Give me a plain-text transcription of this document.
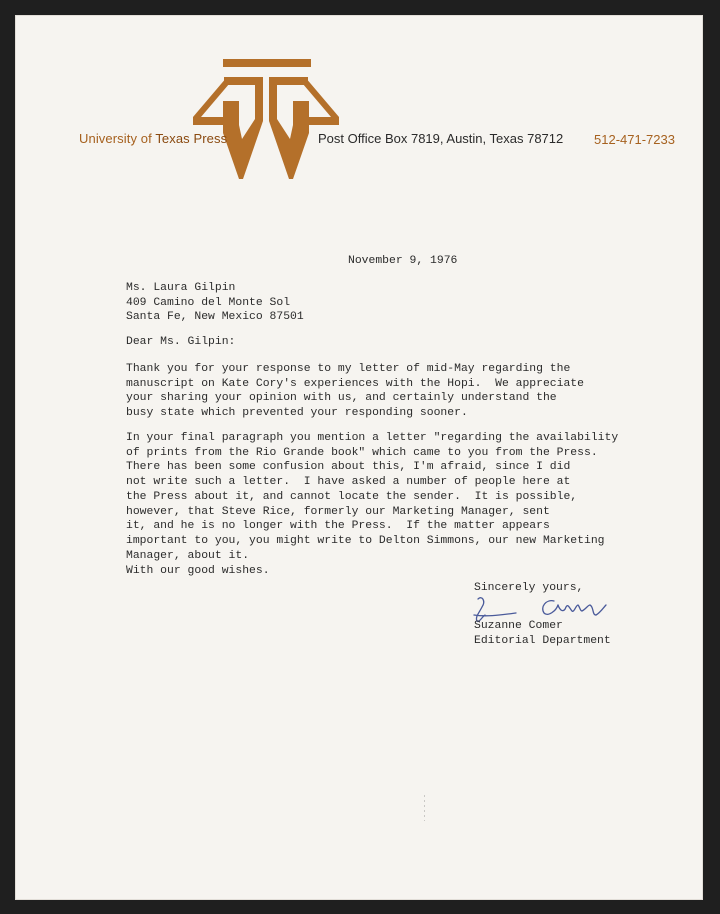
University of Texas Press	Post Office Box 7819, Austin, Texas 78712 512-471-7233
November 9, 1976
Ms. Laura Gilpin
409 Camino del Monte Sol
Santa Fe, New Mexico 87501
Dear Ms. Gilpin:
Thank you for your response to my letter of mid-May regarding the
manuscript on Kate Cory's experiences with the Hopi.  We appreciate
your sharing your opinion with us, and certainly understand the
busy state which prevented your responding sooner.
In your final paragraph you mention a letter "regarding the availability
of prints from the Rio Grande book" which came to you from the Press.
There has been some confusion about this, I'm afraid, since I did
not write such a letter.  I have asked a number of people here at
the Press about it, and cannot locate the sender.  It is possible,
however, that Steve Rice, formerly our Marketing Manager, sent
it, and he is no longer with the Press.  If the matter appears
important to you, you might write to Delton Simmons, our new Marketing
Manager, about it.
With our good wishes.
Sincerely yours,
Suzanne Comer
Editorial Department
